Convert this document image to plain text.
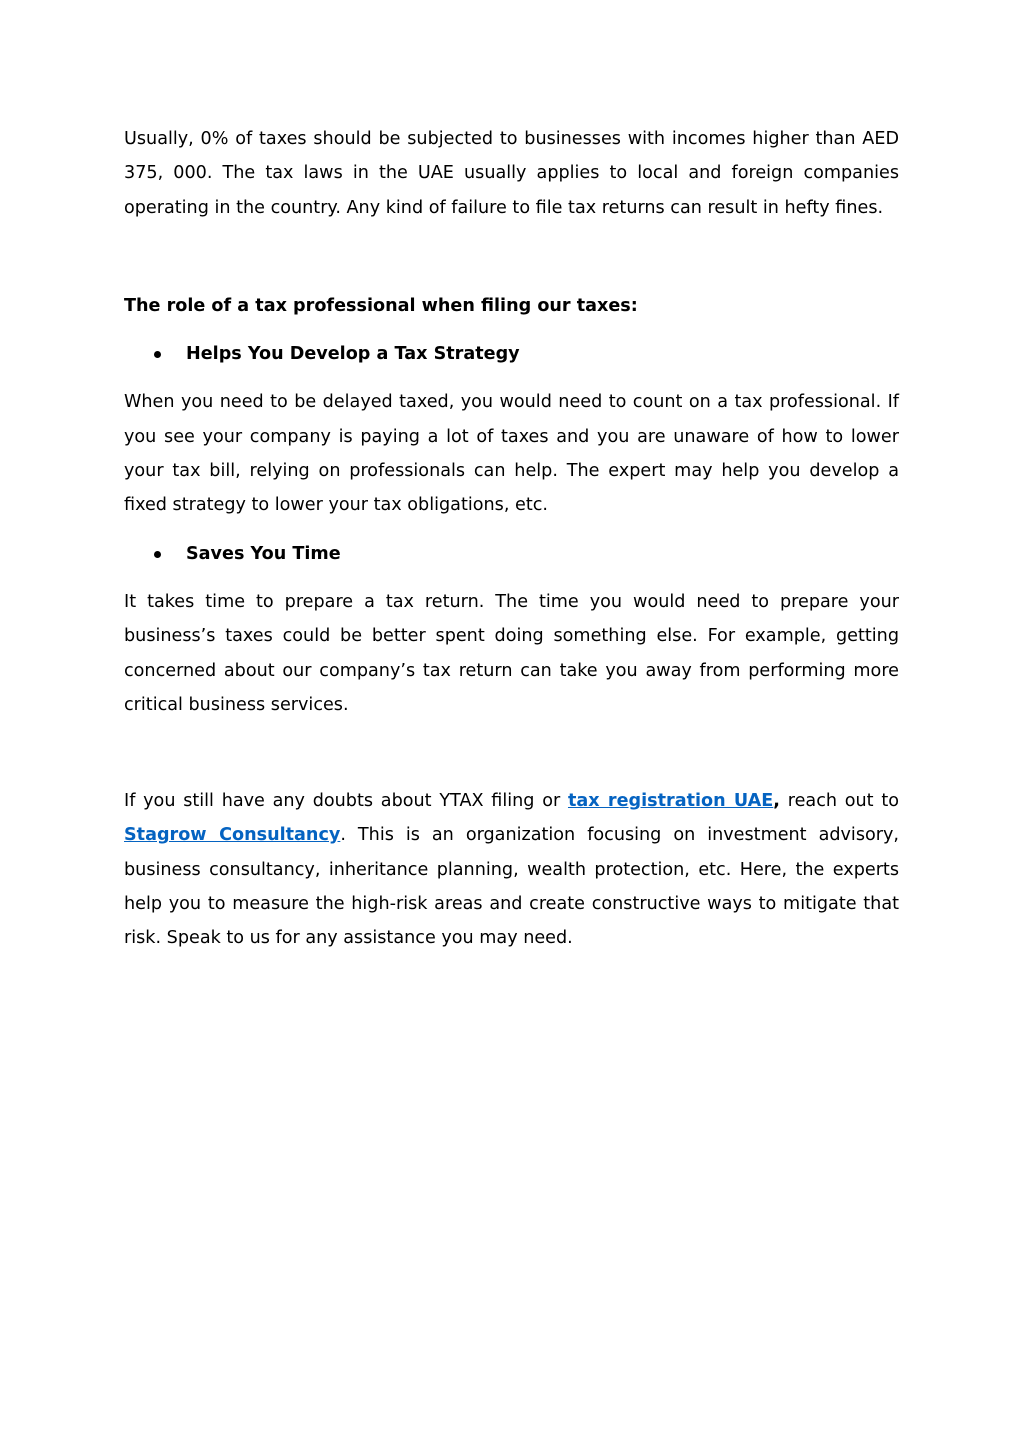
Usually, 0% of taxes should be subjected to businesses with incomes higher than AED 375, 000. The tax laws in the UAE usually applies to local and foreign companies operating in the country. Any kind of failure to file tax returns can result in hefty fines.

The role of a tax professional when filing our taxes:

Helps You Develop a Tax Strategy

When you need to be delayed taxed, you would need to count on a tax professional. If you see your company is paying a lot of taxes and you are unaware of how to lower your tax bill, relying on professionals can help. The expert may help you develop a fixed strategy to lower your tax obligations, etc.

Saves You Time

It takes time to prepare a tax return. The time you would need to prepare your business’s taxes could be better spent doing something else. For example, getting concerned about our company’s tax return can take you away from performing more critical business services.

If you still have any doubts about YTAX filing or tax registration UAE, reach out to Stagrow Consultancy. This is an organization focusing on investment advisory, business consultancy, inheritance planning, wealth protection, etc. Here, the experts help you to measure the high-risk areas and create constructive ways to mitigate that risk. Speak to us for any assistance you may need.
